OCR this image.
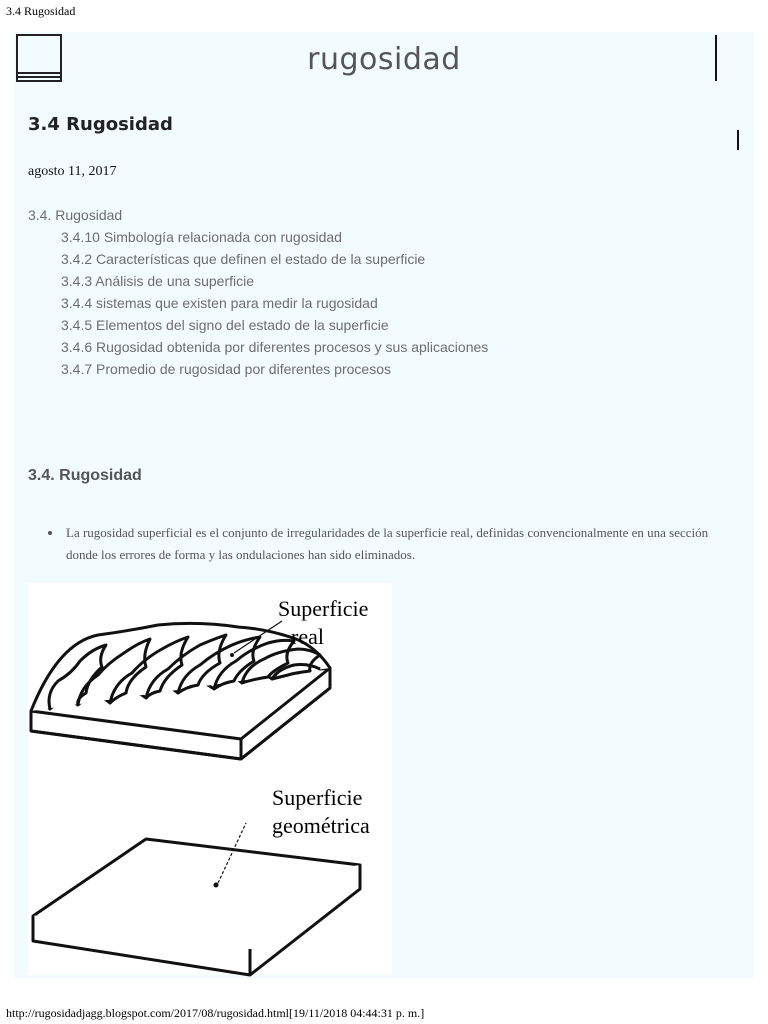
3.4 Rugosidad
rugosidad
3.4 Rugosidad
agosto 11, 2017
3.4. Rugosidad
3.4.10 Simbología relacionada con rugosidad
3.4.2 Características que definen el estado de la superficie
3.4.3 Análisis de una superficie
3.4.4 sistemas que existen para medir la rugosidad
3.4.5 Elementos del signo del estado de la superficie
3.4.6 Rugosidad obtenida por diferentes procesos y sus aplicaciones
3.4.7 Promedio de rugosidad por diferentes procesos
3.4. Rugosidad
La rugosidad superficial es el conjunto de irregularidades de la superficie real, definidas convencionalmente en una sección donde los errores de forma y las ondulaciones han sido eliminados.
Superficie
real
Superficie
geométrica
http://rugosidadjagg.blogspot.com/2017/08/rugosidad.html[19/11/2018 04:44:31 p. m.]
